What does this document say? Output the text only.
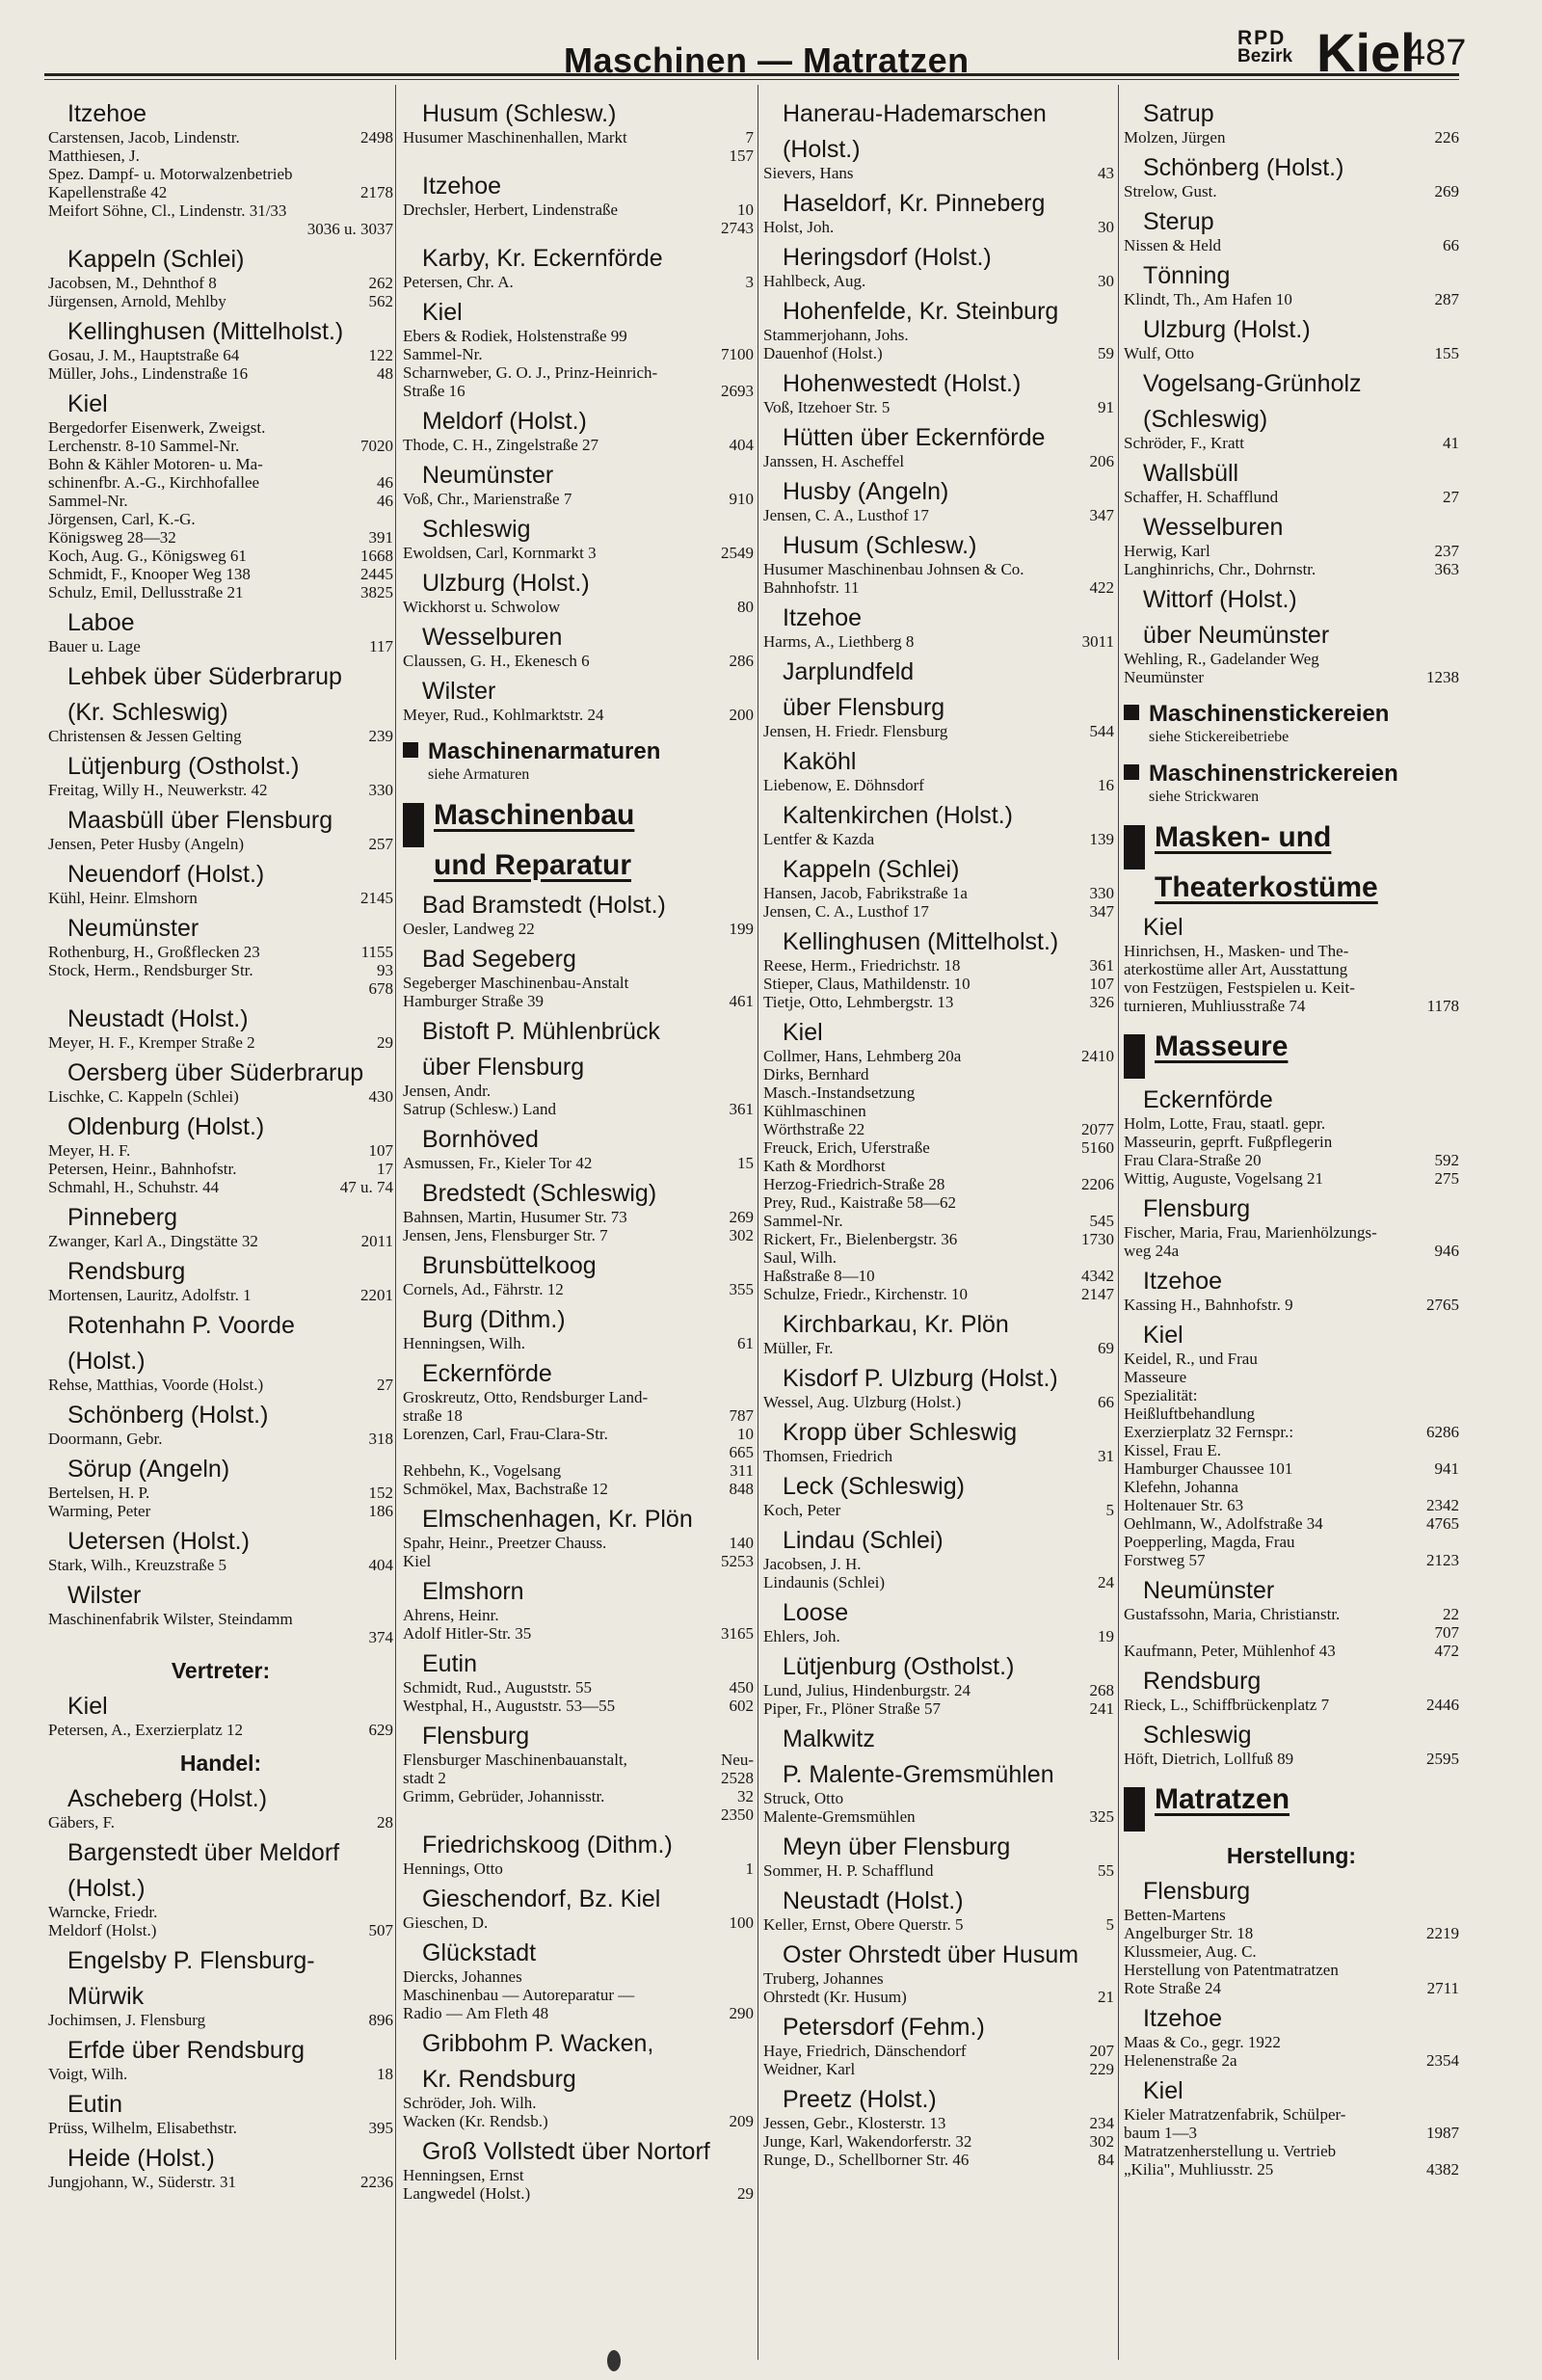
Maschinen — Matratzen
RPD
Bezirk Kiel
487
Itzehoe
Carstensen, Jacob, Lindenstr.	2498
Matthiesen, J.
Spez. Dampf- u. Motorwalzenbetrieb
Kapellenstraße 42	2178
Meifort Söhne, Cl., Lindenstr. 31/33
3036 u. 3037
Kappeln (Schlei)
Jacobsen, M., Dehnthof 8	262
Jürgensen, Arnold, Mehlby	562
Kellinghusen (Mittelholst.)
Gosau, J. M., Hauptstraße 64	122
Müller, Johs., Lindenstraße 16	48
Kiel
Bergedorfer Eisenwerk, Zweigst.
Lerchenstr. 8-10 Sammel-Nr.	7020
Bohn & Kähler Motoren- u. Ma-
schinenfbr. A.-G., Kirchhofallee	46
Sammel-Nr.	46
Jörgensen, Carl, K.-G.
Königsweg 28—32	391
Koch, Aug. G., Königsweg 61	1668
Schmidt, F., Knooper Weg 138	2445
Schulz, Emil, Dellusstraße 21	3825
Laboe
Bauer u. Lage	117
Lehbek über Süderbrarup
(Kr. Schleswig)
Christensen & Jessen Gelting	239
Lütjenburg (Ostholst.)
Freitag, Willy H., Neuwerkstr. 42	330
Maasbüll über Flensburg
Jensen, Peter Husby (Angeln)	257
Neuendorf (Holst.)
Kühl, Heinr. Elmshorn	2145
Neumünster
Rothenburg, H., Großflecken 23	1155
Stock, Herm., Rendsburger Str.	93
678
Neustadt (Holst.)
Meyer, H. F., Kremper Straße 2	29
Oersberg über Süderbrarup
Lischke, C. Kappeln (Schlei)	430
Oldenburg (Holst.)
Meyer, H. F.	107
Petersen, Heinr., Bahnhofstr.	17
Schmahl, H., Schuhstr. 44	47 u. 74
Pinneberg
Zwanger, Karl A., Dingstätte 32	2011
Rendsburg
Mortensen, Lauritz, Adolfstr. 1	2201
Rotenhahn P. Voorde
(Holst.)
Rehse, Matthias, Voorde (Holst.)	27
Schönberg (Holst.)
Doormann, Gebr.	318
Sörup (Angeln)
Bertelsen, H. P.	152
Warming, Peter	186
Uetersen (Holst.)
Stark, Wilh., Kreuzstraße 5	404
Wilster
Maschinenfabrik Wilster, Steindamm
374
Vertreter:
Kiel
Petersen, A., Exerzierplatz 12	629
Handel:
Ascheberg (Holst.)
Gäbers, F.	28
Bargenstedt über Meldorf
(Holst.)
Warncke, Friedr.
Meldorf (Holst.)	507
Engelsby P. Flensburg-
Mürwik
Jochimsen, J. Flensburg	896
Erfde über Rendsburg
Voigt, Wilh.	18
Eutin
Prüss, Wilhelm, Elisabethstr.	395
Heide (Holst.)
Jungjohann, W., Süderstr. 31	2236
Husum (Schlesw.)
Husumer Maschinenhallen, Markt	7
157
Itzehoe
Drechsler, Herbert, Lindenstraße	10
2743
Karby, Kr. Eckernförde
Petersen, Chr. A.	3
Kiel
Ebers & Rodiek, Holstenstraße 99
Sammel-Nr.	7100
Scharnweber, G. O. J., Prinz-Heinrich-
Straße 16	2693
Meldorf (Holst.)
Thode, C. H., Zingelstraße 27	404
Neumünster
Voß, Chr., Marienstraße 7	910
Schleswig
Ewoldsen, Carl, Kornmarkt 3	2549
Ulzburg (Holst.)
Wickhorst u. Schwolow	80
Wesselburen
Claussen, G. H., Ekenesch 6	286
Wilster
Meyer, Rud., Kohlmarktstr. 24	200
Maschinenarmaturen
siehe Armaturen
Maschinenbau
und Reparatur
Bad Bramstedt (Holst.)
Oesler, Landweg 22	199
Bad Segeberg
Segeberger Maschinenbau-Anstalt
Hamburger Straße 39	461
Bistoft P. Mühlenbrück
über Flensburg
Jensen, Andr.
Satrup (Schlesw.) Land	361
Bornhöved
Asmussen, Fr., Kieler Tor 42	15
Bredstedt (Schleswig)
Bahnsen, Martin, Husumer Str. 73	269
Jensen, Jens, Flensburger Str. 7	302
Brunsbüttelkoog
Cornels, Ad., Fährstr. 12	355
Burg (Dithm.)
Henningsen, Wilh.	61
Eckernförde
Groskreutz, Otto, Rendsburger Land-
straße 18	787
Lorenzen, Carl, Frau-Clara-Str.	10
665
Rehbehn, K., Vogelsang	311
Schmökel, Max, Bachstraße 12	848
Elmschenhagen, Kr. Plön
Spahr, Heinr., Preetzer Chauss.	140
Kiel	5253
Elmshorn
Ahrens, Heinr.
Adolf Hitler-Str. 35	3165
Eutin
Schmidt, Rud., Auguststr. 55	450
Westphal, H., Auguststr. 53—55	602
Flensburg
Flensburger Maschinenbauanstalt,	Neu-
stadt 2	2528
Grimm, Gebrüder, Johannisstr.	32
2350
Friedrichskoog (Dithm.)
Hennings, Otto	1
Gieschendorf, Bz. Kiel
Gieschen, D.	100
Glückstadt
Diercks, Johannes
Maschinenbau — Autoreparatur —
Radio — Am Fleth 48	290
Gribbohm P. Wacken,
Kr. Rendsburg
Schröder, Joh. Wilh.
Wacken (Kr. Rendsb.)	209
Groß Vollstedt über Nortorf
Henningsen, Ernst
Langwedel (Holst.)	29
Hanerau-Hademarschen
(Holst.)
Sievers, Hans	43
Haseldorf, Kr. Pinneberg
Holst, Joh.	30
Heringsdorf (Holst.)
Hahlbeck, Aug.	30
Hohenfelde, Kr. Steinburg
Stammerjohann, Johs.
Dauenhof (Holst.)	59
Hohenwestedt (Holst.)
Voß, Itzehoer Str. 5	91
Hütten über Eckernförde
Janssen, H. Ascheffel	206
Husby (Angeln)
Jensen, C. A., Lusthof 17	347
Husum (Schlesw.)
Husumer Maschinenbau Johnsen & Co.
Bahnhofstr. 11	422
Itzehoe
Harms, A., Liethberg 8	3011
Jarplundfeld
über Flensburg
Jensen, H. Friedr. Flensburg	544
Kaköhl
Liebenow, E. Döhnsdorf	16
Kaltenkirchen (Holst.)
Lentfer & Kazda	139
Kappeln (Schlei)
Hansen, Jacob, Fabrikstraße 1a	330
Jensen, C. A., Lusthof 17	347
Kellinghusen (Mittelholst.)
Reese, Herm., Friedrichstr. 18	361
Stieper, Claus, Mathildenstr. 10	107
Tietje, Otto, Lehmbergstr. 13	326
Kiel
Collmer, Hans, Lehmberg 20a	2410
Dirks, Bernhard
Masch.-Instandsetzung
Kühlmaschinen
Wörthstraße 22	2077
Freuck, Erich, Uferstraße	5160
Kath & Mordhorst
Herzog-Friedrich-Straße 28	2206
Prey, Rud., Kaistraße 58—62
Sammel-Nr.	545
Rickert, Fr., Bielenbergstr. 36	1730
Saul, Wilh.
Haßstraße 8—10	4342
Schulze, Friedr., Kirchenstr. 10	2147
Kirchbarkau, Kr. Plön
Müller, Fr.	69
Kisdorf P. Ulzburg (Holst.)
Wessel, Aug. Ulzburg (Holst.)	66
Kropp über Schleswig
Thomsen, Friedrich	31
Leck (Schleswig)
Koch, Peter	5
Lindau (Schlei)
Jacobsen, J. H.
Lindaunis (Schlei)	24
Loose
Ehlers, Joh.	19
Lütjenburg (Ostholst.)
Lund, Julius, Hindenburgstr. 24	268
Piper, Fr., Plöner Straße 57	241
Malkwitz
P. Malente-Gremsmühlen
Struck, Otto
Malente-Gremsmühlen	325
Meyn über Flensburg
Sommer, H. P. Schafflund	55
Neustadt (Holst.)
Keller, Ernst, Obere Querstr. 5	5
Oster Ohrstedt über Husum
Truberg, Johannes
Ohrstedt (Kr. Husum)	21
Petersdorf (Fehm.)
Haye, Friedrich, Dänschendorf	207
Weidner, Karl	229
Preetz (Holst.)
Jessen, Gebr., Klosterstr. 13	234
Junge, Karl, Wakendorferstr. 32	302
Runge, D., Schellborner Str. 46	84
Satrup
Molzen, Jürgen	226
Schönberg (Holst.)
Strelow, Gust.	269
Sterup
Nissen & Held	66
Tönning
Klindt, Th., Am Hafen 10	287
Ulzburg (Holst.)
Wulf, Otto	155
Vogelsang-Grünholz
(Schleswig)
Schröder, F., Kratt	41
Wallsbüll
Schaffer, H. Schafflund	27
Wesselburen
Herwig, Karl	237
Langhinrichs, Chr., Dohrnstr.	363
Wittorf (Holst.)
über Neumünster
Wehling, R., Gadelander Weg
Neumünster	1238
Maschinenstickereien
siehe Stickereibetriebe
Maschinenstrickereien
siehe Strickwaren
Masken- und
Theaterkostüme
Kiel
Hinrichsen, H., Masken- und The-
aterkostüme aller Art, Ausstattung
von Festzügen, Festspielen u. Keit-
turnieren, Muhliusstraße 74	1178
Masseure
Eckernförde
Holm, Lotte, Frau, staatl. gepr.
Masseurin, geprft. Fußpflegerin
Frau Clara-Straße 20	592
Wittig, Auguste, Vogelsang 21	275
Flensburg
Fischer, Maria, Frau, Marienhölzungs-
weg 24a	946
Itzehoe
Kassing H., Bahnhofstr. 9	2765
Kiel
Keidel, R., und Frau
Masseure
Spezialität:
Heißluftbehandlung
Exerzierplatz 32 Fernspr.:	6286
Kissel, Frau E.
Hamburger Chaussee 101	941
Klefehn, Johanna
Holtenauer Str. 63	2342
Oehlmann, W., Adolfstraße 34	4765
Poepperling, Magda, Frau
Forstweg 57	2123
Neumünster
Gustafssohn, Maria, Christianstr.	22
707
Kaufmann, Peter, Mühlenhof 43	472
Rendsburg
Rieck, L., Schiffbrückenplatz 7	2446
Schleswig
Höft, Dietrich, Lollfuß 89	2595
Matratzen
Herstellung:
Flensburg
Betten-Martens
Angelburger Str. 18	2219
Klussmeier, Aug. C.
Herstellung von Patentmatratzen
Rote Straße 24	2711
Itzehoe
Maas & Co., gegr. 1922
Helenenstraße 2a	2354
Kiel
Kieler Matratzenfabrik, Schülper-
baum 1—3	1987
Matratzenherstellung u. Vertrieb
„Kilia", Muhliusstr. 25	4382
